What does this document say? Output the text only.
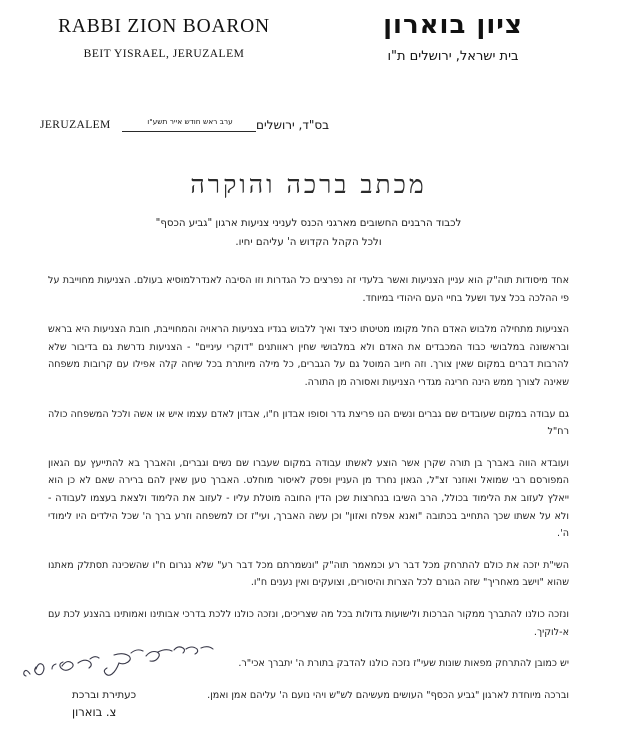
RABBI ZION BOARON
BEIT YISRAEL, JERUZALEM
ציון בוארון
בית ישראל, ירושלים ת"ו
JERUZALEM	ערב ראש חודש אייר תשע"ו	בס"ד, ירושלים
מכתב ברכה והוקרה
לכבוד הרבנים החשובים מארגני הכנס לעניני צניעות ארגון "גביע הכסף"
ולכל הקהל הקדוש ה' עליהם יחיו.

אחד מיסודות תוה"ק הוא עניין הצניעות ואשר בלעדי זה נפרצים כל הגדרות וזו הסיבה לאנדרלמוסיא בעולם. הצניעות מחוייבת על פי ההלכה בכל צעד ושעל בחיי העם היהודי במיוחד.

הצניעות מתחילה מלבוש האדם החל מקומו מטיטתו כיצד ואיך ללבוש בגדיו בצניעות הראויה והמחוייבת, חובת הצניעות היא בראש ובראשונה במלבושי כבוד המכבדים את האדם ולא במלבושי שחין ראוותנים "דוקרי עיניים" - הצניעות נדרשת גם בדיבור שלא להרבות דברים במקום שאין צורך. וזה חיוב המוטל גם על הגברים, כל מילה מיותרת בכל שיחה קלה אפילו עם קרובות משפחה שאינה לצורך ממש הינה חריגה מגדרי הצניעות ואסורה מן התורה.

גם עבודה במקום שעובדים שם גברים ונשים הנו פריצת גדר וסופו אבדון ח"ו, אבדון לאדם עצמו איש או אשה ולכל המשפחה כולה רח"ל

ועובדא הווה באברך בן תורה שקרן אשר הוצע לאשתו עבודה במקום שעברו שם נשים וגברים, והאברך בא להתייעץ עם הגאון המפורסם רבי שמואל ואוזנר זצ"ל, הגאון נחרד מן העניין ופסק לאיסור מוחלט. האברך טען שאין להם ברירה שאם לא כן הוא ייאלץ לעזוב את הלימוד בכולל, הרב השיבו בנחרצות שכן הדין החובה מוטלת עליו - לעזוב את הלימוד ולצאת בעצמו לעבודה - ולא על אשתו שכך התחייב בכתובה "ואנא אפלח ואזון" וכן עשה האברך, ועי"ז זכו למשפחה וזרע ברך ה' שכל הילדים היו לימודי ה'.

השי"ת יזכה את כולם להתרחק מכל דבר רע וכמאמר תוה"ק "ונשמרתם מכל דבר רע" שלא נגרום ח"ו שהשכינה תסתלק מאתנו שהוא "וישב מאחריך" שזה הגורם לכל הצרות והיסורים, וצועקים ואין נענים ח"ו.

ונזכה כולנו להתברך ממקור הברכות ולישועות גדולות בכל מה שצריכים, ונזכה כולנו ללכת בדרכי אבותינו ואמותינו בהצנע לכת עם א-לוקיך.

יש כמובן להתרחק מפאות שונות שעי"ז נזכה כולנו להדבק בתורת ה' יתברך אכי"ר.

וברכה מיוחדת לארגון "גביע הכסף" העושים מעשיהם לש"ש ויהי נועם ה' עליהם אמן ואמן.

כעתירת וברכת
צ. בוארון
